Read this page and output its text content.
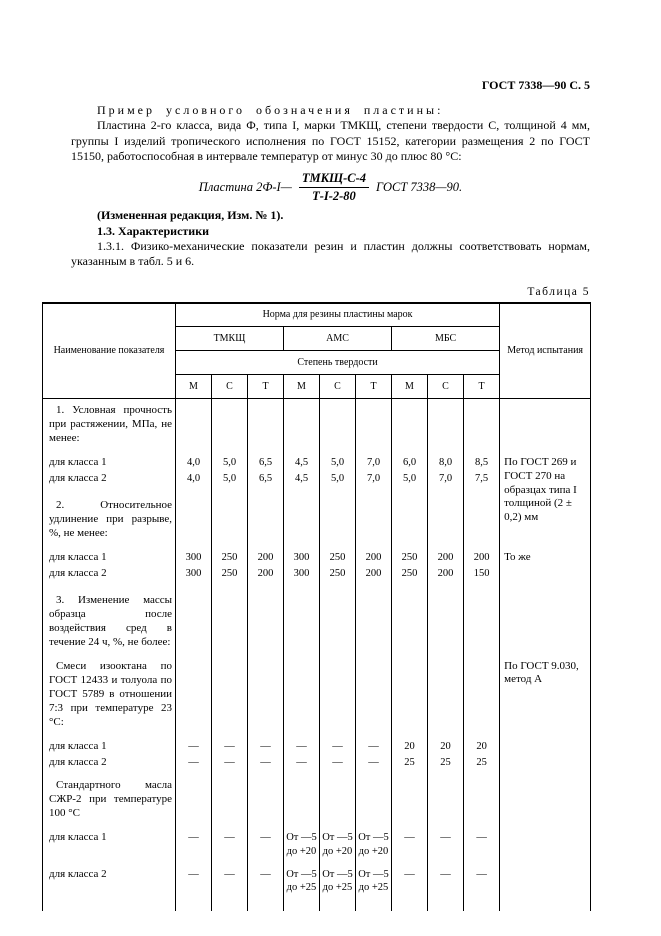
ГОСТ 7338—90 С. 5

Пример условного обозначения пластины:

Пластина 2-го класса, вида Ф, типа I, марки ТМКЩ, степени твердости С, толщиной 4 мм, группы I изделий тропического исполнения по ГОСТ 15152, категории размещения 2 по ГОСТ 15150, работоспособная в интервале температур от минус 30 до плюс 80 °С:

Пластина 2Ф-I— $\frac{\text{ТМКЩ-С-4}}{Т-I-2-80}$ ГОСТ 7338—90.

(Измененная редакция, Изм. № 1).

1.3. Характеристики

1.3.1. Физико-механические показатели резин и пластин должны соответствовать нормам, указанным в табл. 5 и 6.

Таблица 5
Наименование показателя	Норма для резины пластины марок									Метод испытания
	ТМКЩ			АМС			МБС			
	Степень твердости									
	М	С	Т	М	С	Т	М	С	Т	
1. Условная прочность при растяжении, МПа, не менее:										

для класса 1	4,0	5,0	6,5	4,5	5,0	7,0	6,0	8,0	8,5	По ГОСТ 269 и ГОСТ 270 на образцах типа I толщиной (2 ± 0,2) мм

для класса 2	4,0	5,0	6,5	4,5	5,0	7,0	5,0	7,0	7,5	

2. Относительное удлинение при разрыве, %, не менее:										

для класса 1	300	250	200	300	250	200	250	200	200	То же

для класса 2	300	250	200	300	250	200	250	200	150	

3. Изменение массы образца после воздействия сред в течение 24 ч, %, не более:										

Смеси изооктана по ГОСТ 12433 и толуола по ГОСТ 5789 в отношении 7:3 при температуре 23 °С:										По ГОСТ 9.030, метод А

для класса 1	—	—	—	—	—	—	20	20	20	

для класса 2	—	—	—	—	—	—	25	25	25	

Стандартного масла СЖР-2 при температуре 100 °С										

для класса 1	—	—	—	От —5 до +20	От —5 до +20	От —5 до +20	—	—	—	

для класса 2	—	—	—	От —5 до +25	От —5 до +25	От —5 до +25	—	—	—	
